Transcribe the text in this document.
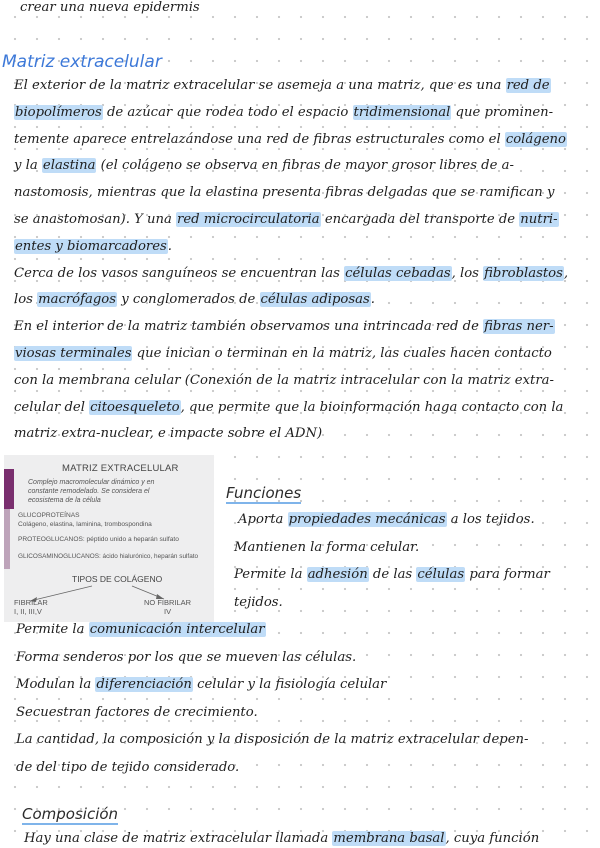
crear una nueva epidermis
Matriz extracelular
El exterior de la matriz extracelular se asemeja a una matriz, que es una red de
biopolímeros de azúcar que rodea todo el espacio tridimensional que prominen-
temente aparece entrelazándose una red de fibras estructurales como el colágeno
y la elastina (el colágeno se observa en fibras de mayor grosor libres de a-
nastomosis, mientras que la elastina presenta fibras delgadas que se ramifican y
se anastomosan). Y una red microcirculatoria encargada del transporte de nutri-
entes y biomarcadores.
Cerca de los vasos sanguíneos se encuentran las células cebadas, los fibroblastos,
los macrófagos y conglomerados de células adiposas.
En el interior de la matriz también observamos una intrincada red de fibras ner-
viosas terminales que inician o terminan en la matriz, las cuales hacen contacto
con la membrana celular (Conexión de la matriz intracelular con la matriz extra-
celular del citoesqueleto, que permite que la bioinformación haga contacto con la
matriz extra-nuclear, e impacte sobre el ADN)
MATRIZ EXTRACELULAR
Complejo macromolecular dinámico y en
constante remodelado. Se considera el
ecosistema de la célula
GLUCOPROTEÍNAS
Colágeno, elastina, laminina, trombospondina
PROTEOGLUCANOS: péptido unido a heparán sulfato
GLICOSAMINOGLUCANOS: ácido hialurónico, heparán sulfato
TIPOS DE COLÁGENO
FIBRILAR
I, II, III,V
NO FIBRILAR
IV
Funciones
Aporta propiedades mecánicas a los tejidos.
Mantienen la forma celular.
Permite la adhesión de las células para formar
tejidos.
Permite la comunicación intercelular
Forma senderos por los que se mueven las células.
Modulan la diferenciación celular y la fisiología celular
Secuestran factores de crecimiento.
La cantidad, la composición y la disposición de la matriz extracelular depen-
de del tipo de tejido considerado.
Composición
Hay una clase de matriz extracelular llamada membrana basal, cuya función
